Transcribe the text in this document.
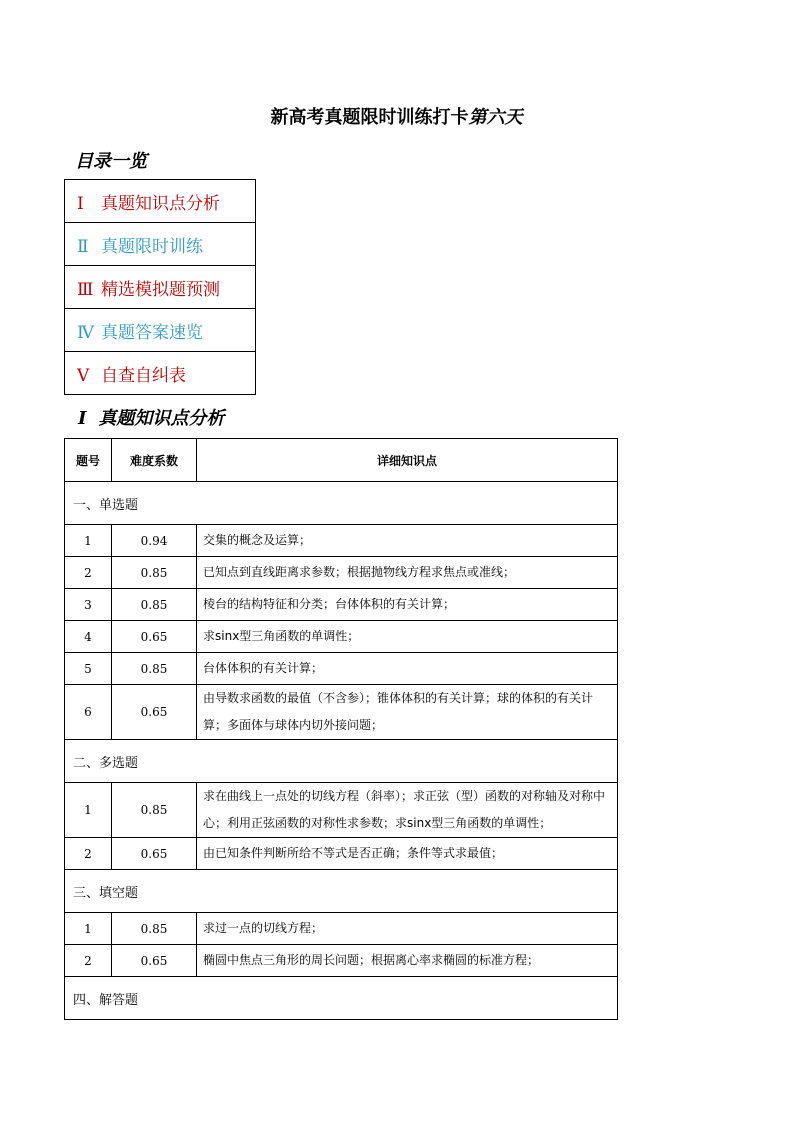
新高考真题限时训练打卡第六天
目录一览
Ⅰ 真题知识点分析
Ⅱ 真题限时训练
Ⅲ 精选模拟题预测
Ⅳ 真题答案速览
Ⅴ 自查自纠表
Ⅰ 真题知识点分析
题号	难度系数	详细知识点
一、单选题		
1	0.94	交集的概念及运算；
2	0.85	已知点到直线距离求参数；根据抛物线方程求焦点或准线；
3	0.85	棱台的结构特征和分类；台体体积的有关计算；
4	0.65	求sinx型三角函数的单调性；
5	0.85	台体体积的有关计算；
6	0.65	由导数求函数的最值（不含参）；锥体体积的有关计算；球的体积的有关计算；多面体与球体内切外接问题；
二、多选题		
1	0.85	求在曲线上一点处的切线方程（斜率）；求正弦（型）函数的对称轴及对称中心；利用正弦函数的对称性求参数；求sinx型三角函数的单调性；
2	0.65	由已知条件判断所给不等式是否正确；条件等式求最值；
三、填空题		
1	0.85	求过一点的切线方程；
2	0.65	椭圆中焦点三角形的周长问题；根据离心率求椭圆的标准方程；
四、解答题		
